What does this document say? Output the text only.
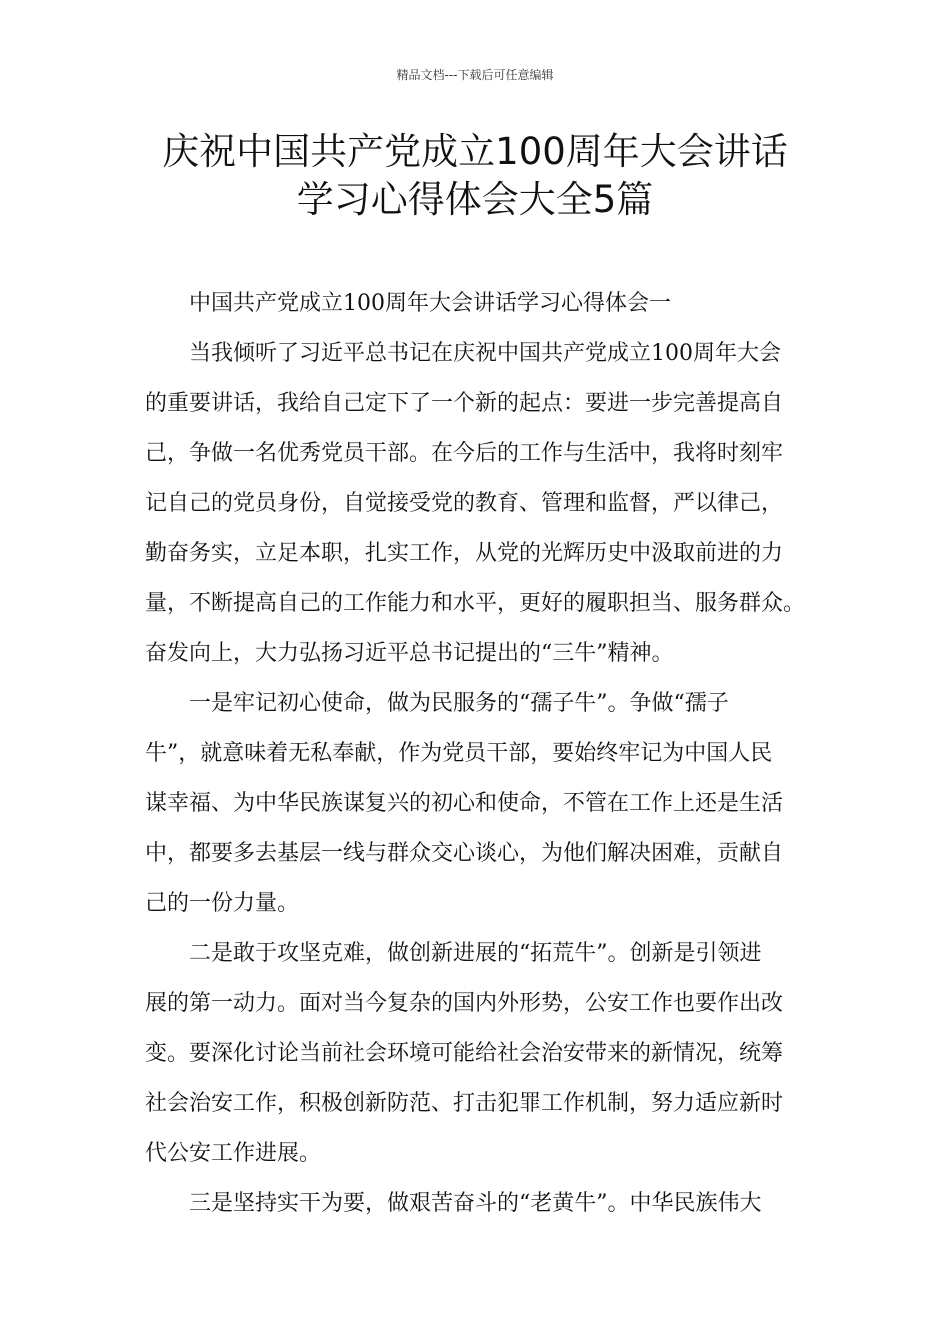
精品文档---下载后可任意编辑
庆祝中国共产党成立100周年大会讲话
学习心得体会大全5篇
中国共产党成立100周年大会讲话学习心得体会一
当我倾听了习近平总书记在庆祝中国共产党成立100周年大会
的重要讲话，我给自己定下了一个新的起点：要进一步完善提高自
己，争做一名优秀党员干部。在今后的工作与生活中，我将时刻牢
记自己的党员身份，自觉接受党的教育、管理和监督，严以律己，
勤奋务实，立足本职，扎实工作，从党的光辉历史中汲取前进的力
量，不断提高自己的工作能力和水平，更好的履职担当、服务群众。
奋发向上，大力弘扬习近平总书记提出的“三牛”精神。
一是牢记初心使命，做为民服务的“孺子牛”。争做“孺子
牛”，就意味着无私奉献，作为党员干部，要始终牢记为中国人民
谋幸福、为中华民族谋复兴的初心和使命，不管在工作上还是生活
中，都要多去基层一线与群众交心谈心，为他们解决困难，贡献自
己的一份力量。
二是敢于攻坚克难，做创新进展的“拓荒牛”。创新是引领进
展的第一动力。面对当今复杂的国内外形势，公安工作也要作出改
变。要深化讨论当前社会环境可能给社会治安带来的新情况，统筹
社会治安工作，积极创新防范、打击犯罪工作机制，努力适应新时
代公安工作进展。
三是坚持实干为要，做艰苦奋斗的“老黄牛”。中华民族伟大
